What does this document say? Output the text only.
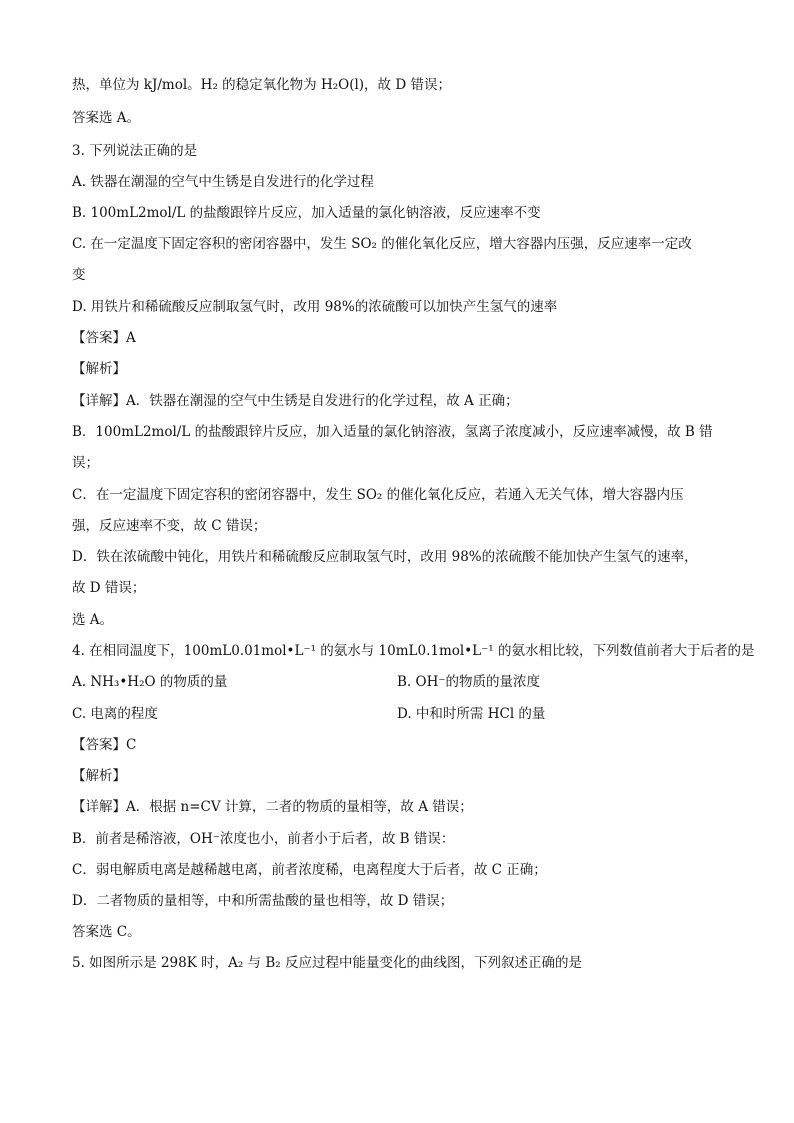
热，单位为 kJ/mol。H₂ 的稳定氧化物为 H₂O(l)，故 D 错误；
答案选 A。
3. 下列说法正确的是
A. 铁器在潮湿的空气中生锈是自发进行的化学过程
B. 100mL2mol/L 的盐酸跟锌片反应，加入适量的氯化钠溶液，反应速率不变
C. 在一定温度下固定容积的密闭容器中，发生 SO₂ 的催化氧化反应，增大容器内压强，反应速率一定改
变
D. 用铁片和稀硫酸反应制取氢气时，改用 98%的浓硫酸可以加快产生氢气的速率
【答案】A
【解析】
【详解】A．铁器在潮湿的空气中生锈是自发进行的化学过程，故 A 正确；
B．100mL2mol/L 的盐酸跟锌片反应，加入适量的氯化钠溶液，氢离子浓度减小，反应速率减慢，故 B 错
误；
C．在一定温度下固定容积的密闭容器中，发生 SO₂ 的催化氧化反应，若通入无关气体，增大容器内压
强，反应速率不变，故 C 错误；
D．铁在浓硫酸中钝化，用铁片和稀硫酸反应制取氢气时，改用 98%的浓硫酸不能加快产生氢气的速率，
故 D 错误；
选 A。
4. 在相同温度下，100mL0.01mol•L⁻¹ 的氨水与 10mL0.1mol•L⁻¹ 的氨水相比较，下列数值前者大于后者的是
A. NH₃•H₂O 的物质的量	B. OH⁻的物质的量浓度
C. 电离的程度	D. 中和时所需 HCl 的量
【答案】C
【解析】
【详解】A．根据 n=CV 计算，二者的物质的量相等，故 A 错误；
B．前者是稀溶液，OH⁻浓度也小，前者小于后者，故 B 错误：
C．弱电解质电离是越稀越电离，前者浓度稀，电离程度大于后者，故 C 正确；
D．二者物质的量相等，中和所需盐酸的量也相等，故 D 错误；
答案选 C。
5. 如图所示是 298K 时，A₂ 与 B₂ 反应过程中能量变化的曲线图，下列叙述正确的是
